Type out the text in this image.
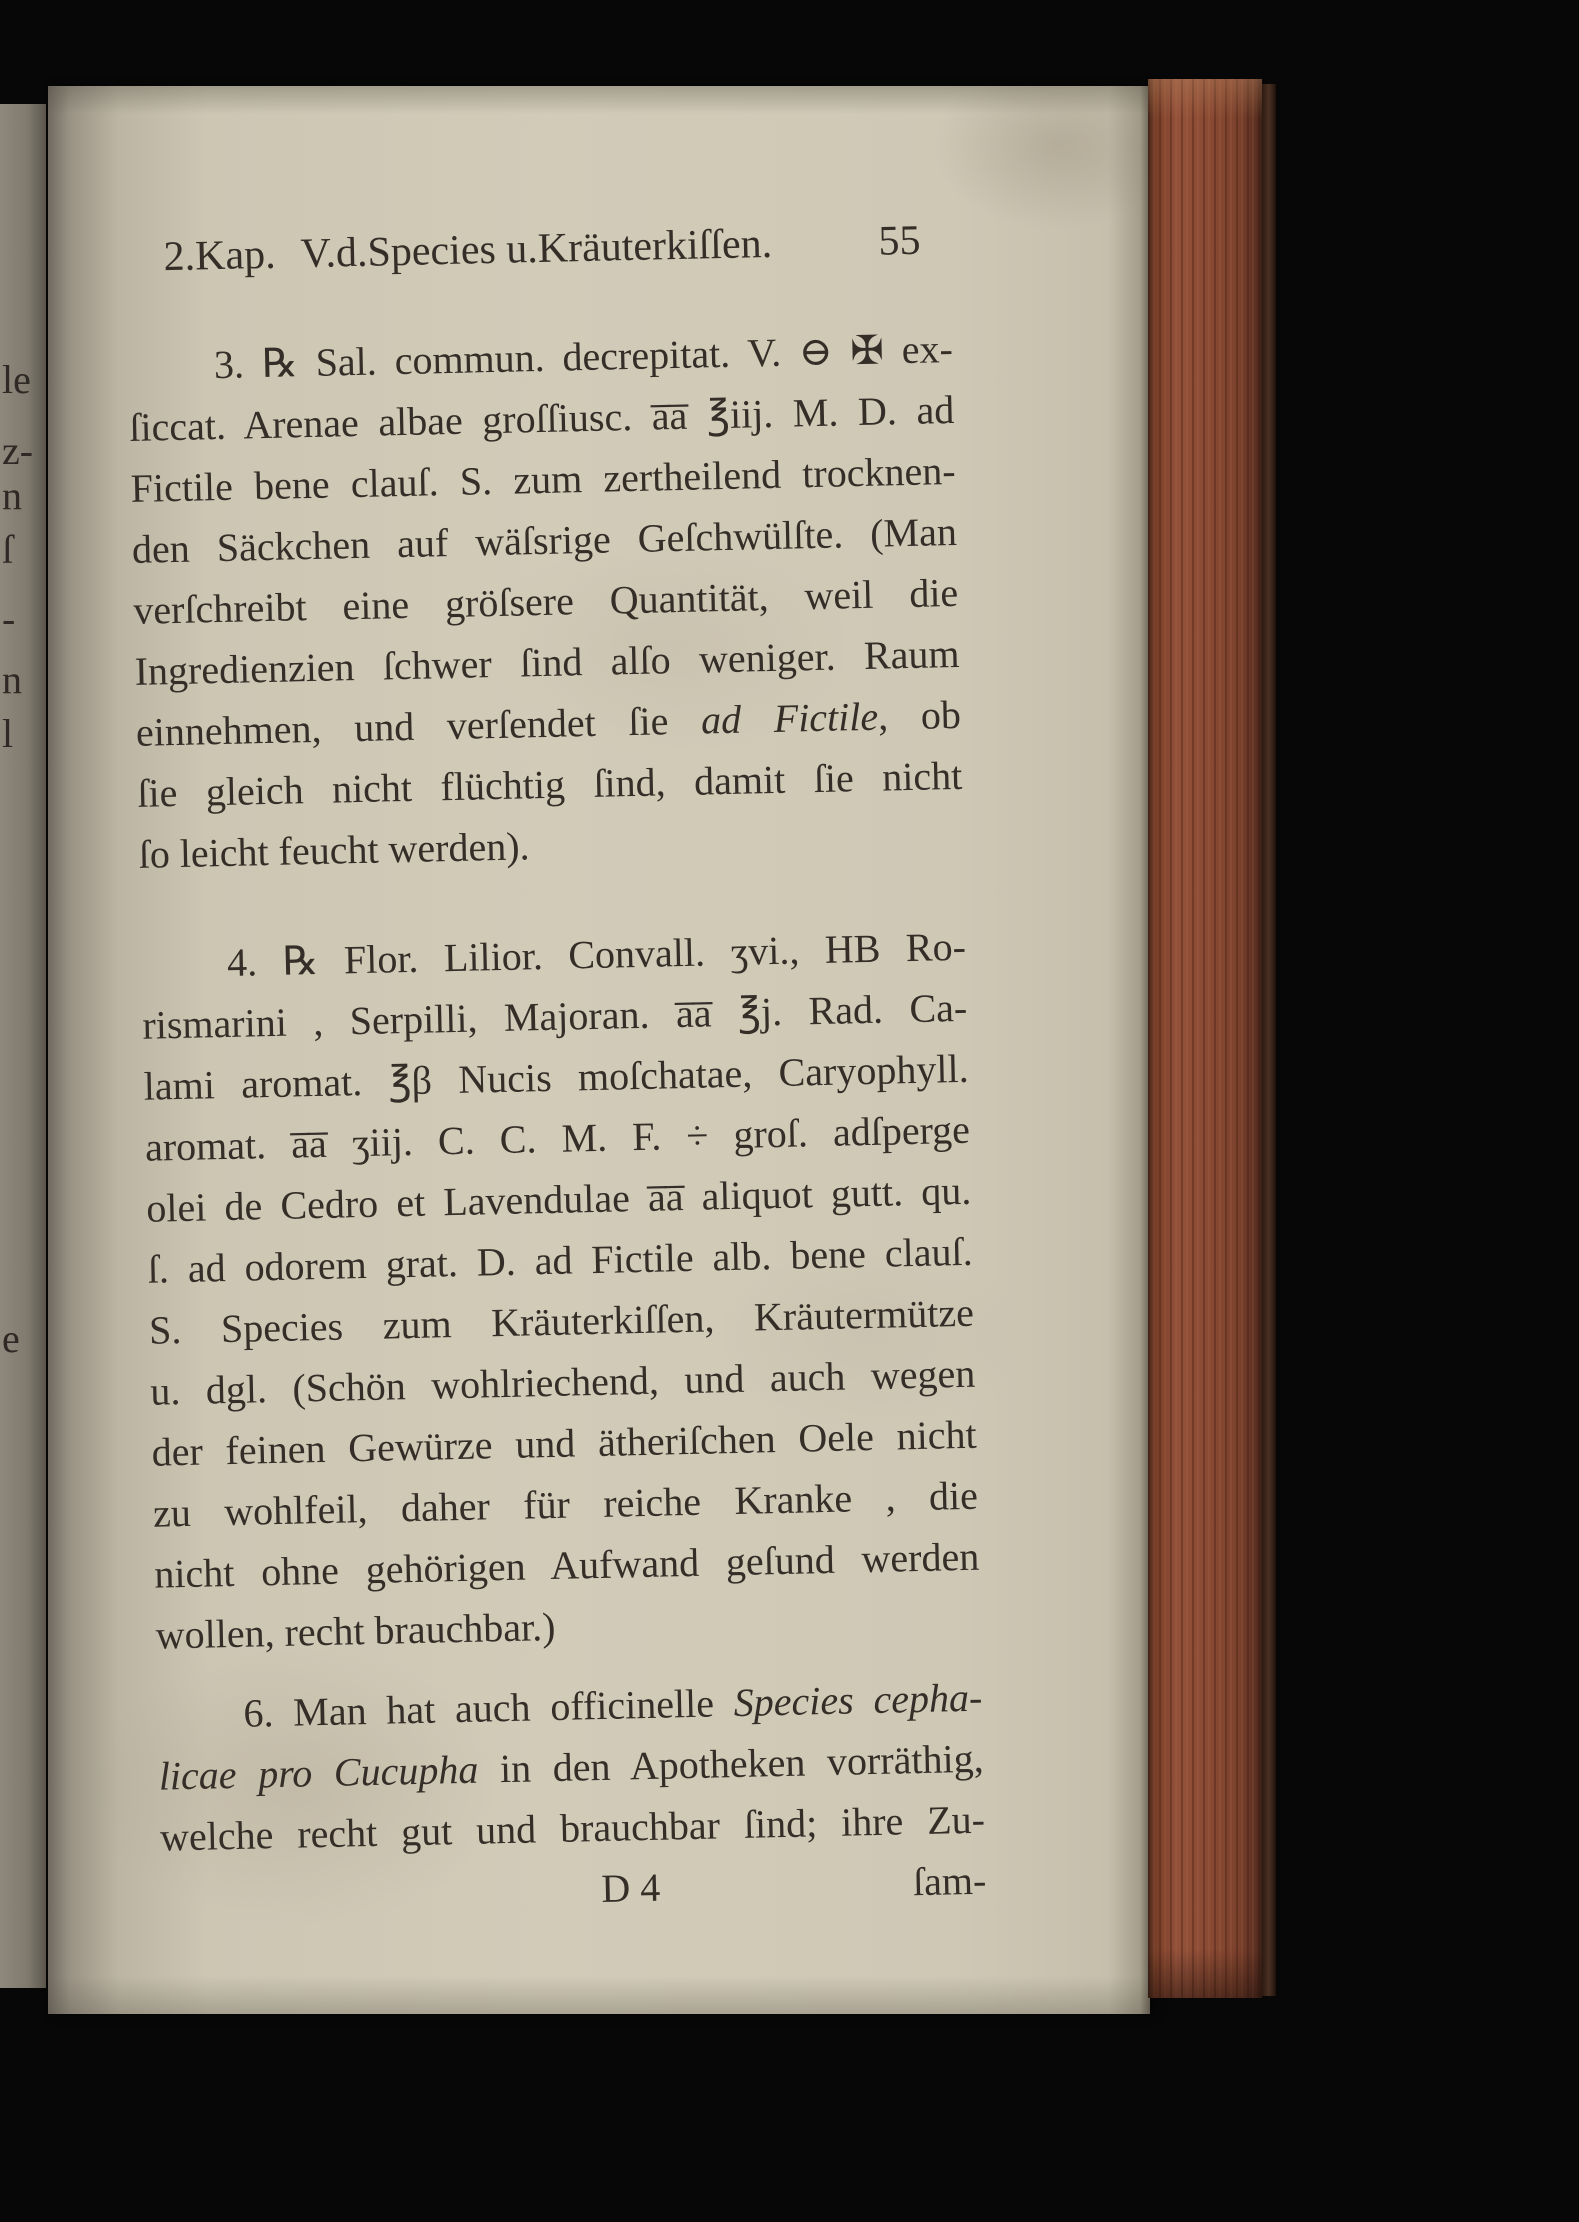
le
z-
n
ſ
-
n
l
e
2.Kap. V.d.Species u.Kräuterkiſſen.	55
3. ℞ Sal. commun. decrepitat. V. ⊖ ✠ ex-
ſiccat. Arenae albae groſſiusc. a̅a̅ ℥iij. M. D. ad
Fictile bene clauſ. S. zum zertheilend trocknen-
den Säckchen auf wäſsrige Geſchwülſte. (Man
verſchreibt eine gröſsere Quantität, weil die
Ingredienzien ſchwer ſind alſo weniger. Raum
einnehmen, und verſendet ſie ad Fictile, ob
ſie gleich nicht flüchtig ſind, damit ſie nicht
ſo leicht feucht werden).
4. ℞ Flor. Lilior. Convall. ʒvi., HB Ro-
rismarini , Serpilli, Majoran. a̅a̅ ℥j. Rad. Ca-
lami aromat. ℥β Nucis moſchatae, Caryophyll.
aromat. a̅a̅ ʒiij. C. C. M. F. ÷ groſ. adſperge
olei de Cedro et Lavendulae a̅a̅ aliquot gutt. qu.
ſ. ad odorem grat. D. ad Fictile alb. bene clauſ.
S. Species zum Kräuterkiſſen, Kräutermütze
u. dgl. (Schön wohlriechend, und auch wegen
der feinen Gewürze und ätheriſchen Oele nicht
zu wohlfeil, daher für reiche Kranke , die
nicht ohne gehörigen Aufwand geſund werden
wollen, recht brauchbar.)
6. Man hat auch officinelle Species cepha-
licae pro Cucupha in den Apotheken vorräthig,
welche recht gut und brauchbar ſind; ihre Zu-
D 4	ſam-
